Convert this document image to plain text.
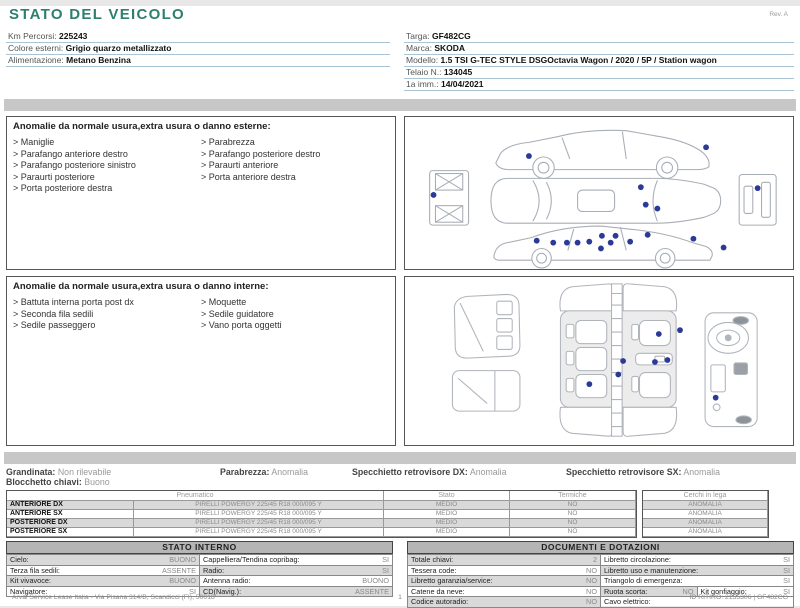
Rev. A
STATO DEL VEICOLO
Km Percorsi: 225243
Colore esterni: Grigio quarzo metallizzato
Alimentazione: Metano Benzina
Targa: GF482CG
Marca: SKODA
Modello: 1.5 TSI G-TEC STYLE DSGOctavia Wagon / 2020 / 5P / Station wagon
Telaio N.: 134045
1a imm.: 14/04/2021
Anomalie da normale usura,extra usura o danno esterne:
> Maniglie
> Parafango anteriore destro
> Parafango posteriore sinistro
> Paraurti posteriore
> Porta posteriore destra
> Parabrezza
> Parafango posteriore destro
> Paraurti anteriore
> Porta anteriore destra
Anomalie da normale usura,extra usura o danno interne:
> Battuta interna porta post dx
> Seconda fila sedili
> Sedile passeggero
> Moquette
> Sedile guidatore
> Vano porta oggetti
Grandinata: Non rilevabile	Parabrezza: Anomalia	Specchietto retrovisore DX: Anomalia	Specchietto retrovisore SX: Anomalia
Blocchetto chiavi: Buono
Pneumatico	Stato	Termiche
ANTERIORE DX	PIRELLI POWERGY 225/45 R18 000/095 Y	MEDIO	NO
ANTERIORE SX	PIRELLI POWERGY 225/45 R18 000/095 Y	MEDIO	NO
POSTERIORE DX	PIRELLI POWERGY 225/45 R18 000/095 Y	MEDIO	NO
POSTERIORE SX	PIRELLI POWERGY 225/45 R18 000/095 Y	MEDIO	NO
Cerchi in lega
ANOMALIA
ANOMALIA
ANOMALIA
ANOMALIA
STATO INTERNO
Cielo:	BUONO Cappelliera/Tendina copribag:	SI
Terza fila sedili:	ASSENTE Radio:	SI
Kit vivavoce:	BUONO Antenna radio:	BUONO
Navigatore:	SI CD(Navig.):	ASSENTE
DOCUMENTI E DOTAZIONI
Totale chiavi:	2 Libretto circolazione:	SI
Tessera code:	NO Libretto uso e manutenzione:	SI
Libretto garanzia/service:	NO Triangolo di emergenza:	SI
Catene da neve:	NO Ruota scorta:	NO Kit gonfiaggio:	SI
Codice autoradio:	NO Cavo elettrico:
Arval Service Lease Italia - Via Pisana 314/B, Scandicci (FI), 50018	1	ID RITIRO: 2155306 | GF482CG
